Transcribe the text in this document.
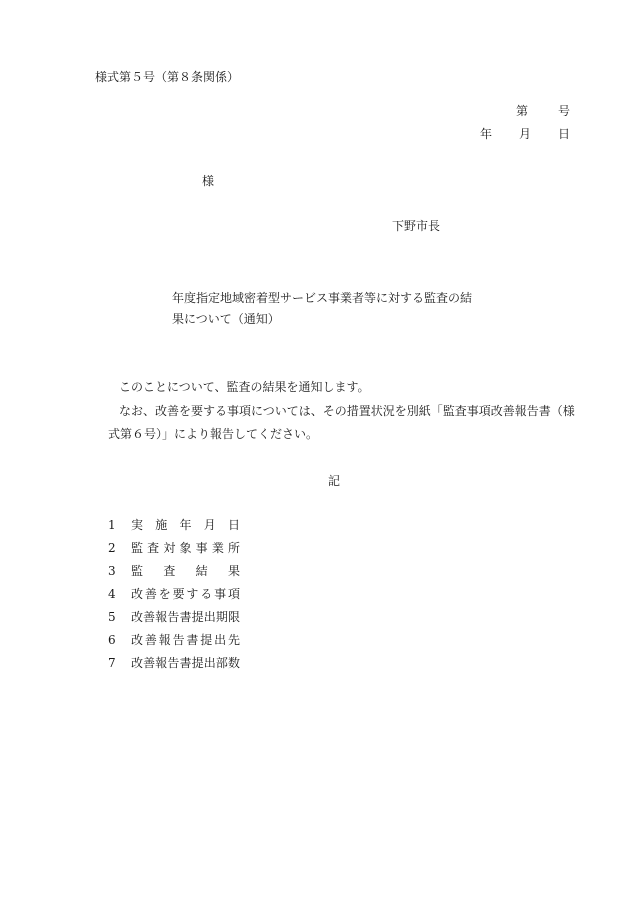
様式第５号（第８条関係）
第	号
年 月 日
様
下野市長
年度指定地域密着型サービス事業者等に対する監査の結
果について（通知）
このことについて、監査の結果を通知します。
なお、改善を要する事項については、その措置状況を別紙「監査事項改善報告書（様
式第６号）」により報告してください。
記
1	実施年月日
2	監査対象事業所
3	監査結果
4	改善を要する事項
5	改善報告書提出期限
6	改善報告書提出先
7	改善報告書提出部数
